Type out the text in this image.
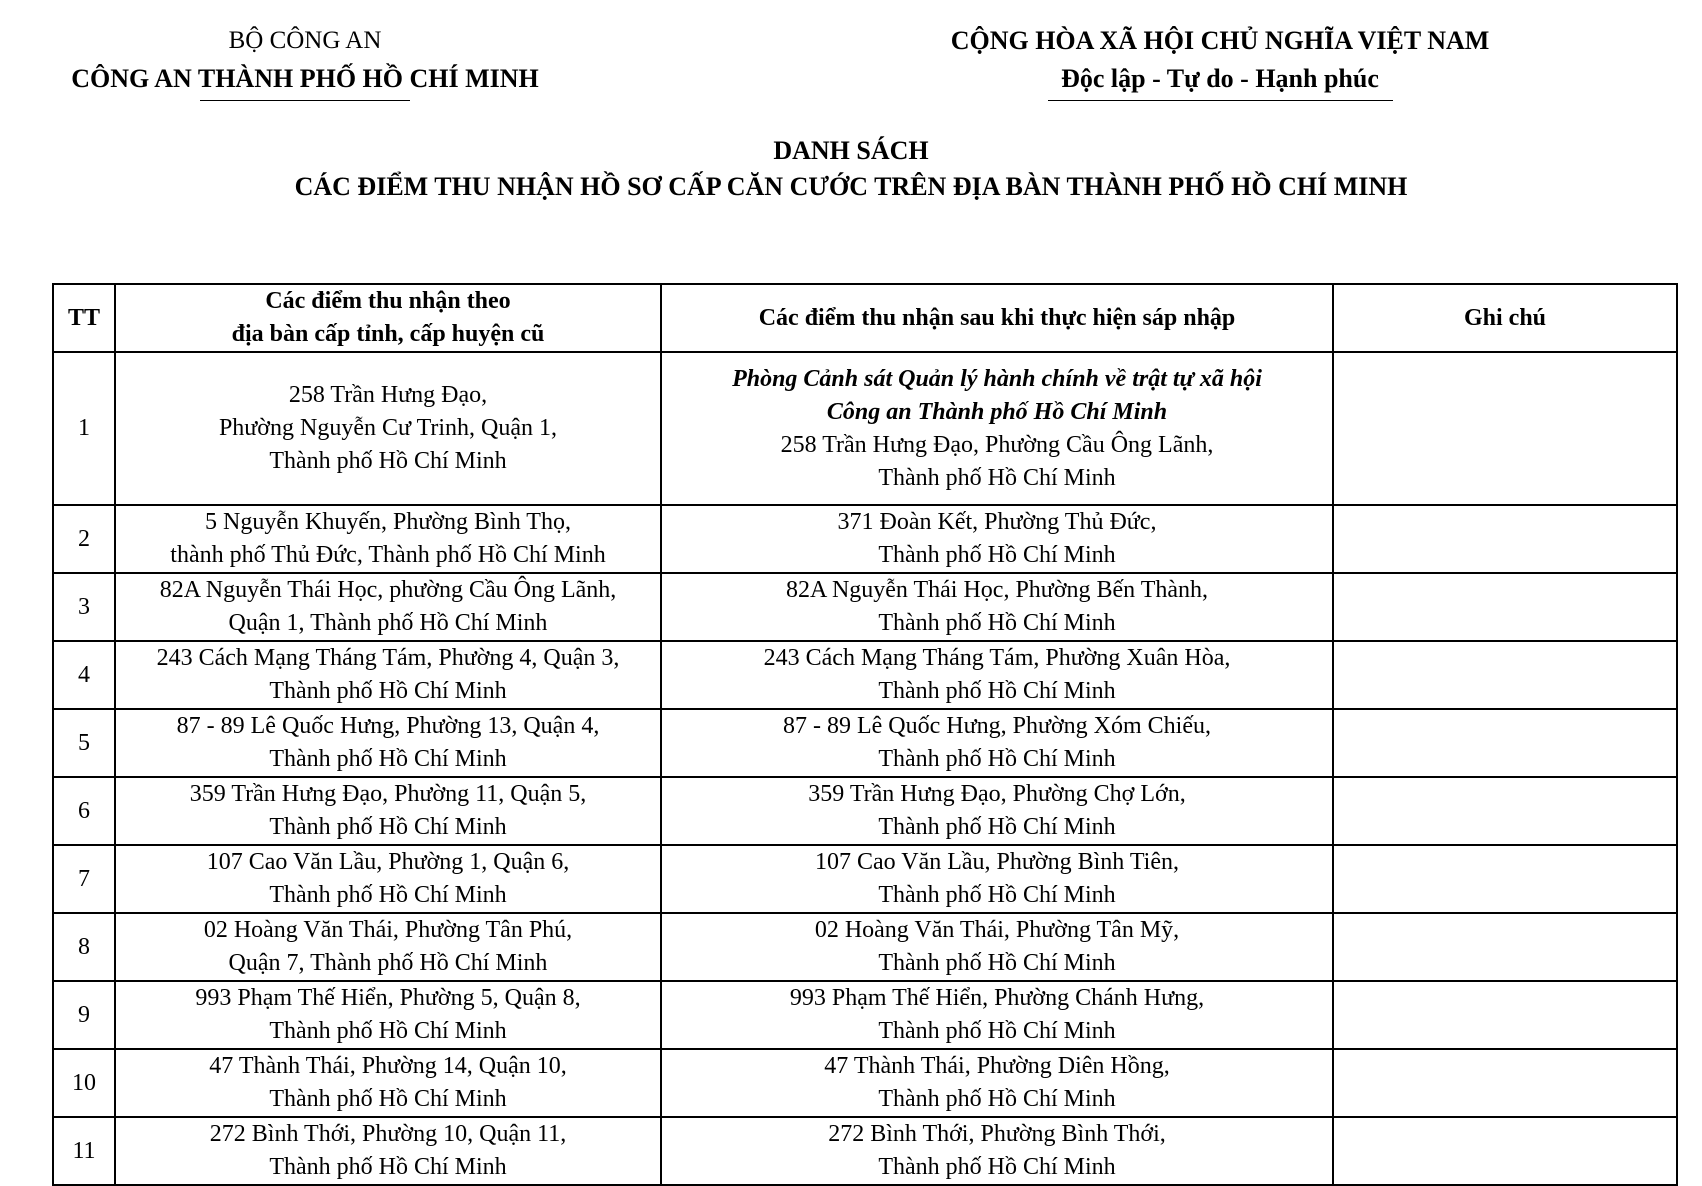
BỘ CÔNG AN
CÔNG AN THÀNH PHỐ HỒ CHÍ MINH
CỘNG HÒA XÃ HỘI CHỦ NGHĨA VIỆT NAM
Độc lập - Tự do - Hạnh phúc
DANH SÁCH
CÁC ĐIỂM THU NHẬN HỒ SƠ CẤP CĂN CƯỚC TRÊN ĐỊA BÀN THÀNH PHỐ HỒ CHÍ MINH
TT	Các điểm thu nhận theo
địa bàn cấp tỉnh, cấp huyện cũ	Các điểm thu nhận sau khi thực hiện sáp nhập	Ghi chú
1	258 Trần Hưng Đạo,
Phường Nguyễn Cư Trinh, Quận 1,
Thành phố Hồ Chí Minh	Phòng Cảnh sát Quản lý hành chính về trật tự xã hội
Công an Thành phố Hồ Chí Minh
258 Trần Hưng Đạo, Phường Cầu Ông Lãnh,
Thành phố Hồ Chí Minh	

2	5 Nguyễn Khuyến, Phường Bình Thọ,
thành phố Thủ Đức, Thành phố Hồ Chí Minh	371 Đoàn Kết, Phường Thủ Đức,
Thành phố Hồ Chí Minh	

3	82A Nguyễn Thái Học, phường Cầu Ông Lãnh,
Quận 1, Thành phố Hồ Chí Minh	82A Nguyễn Thái Học, Phường Bến Thành,
Thành phố Hồ Chí Minh	

4	243 Cách Mạng Tháng Tám, Phường 4, Quận 3,
Thành phố Hồ Chí Minh	243 Cách Mạng Tháng Tám, Phường Xuân Hòa,
Thành phố Hồ Chí Minh	

5	87 - 89 Lê Quốc Hưng, Phường 13, Quận 4,
Thành phố Hồ Chí Minh	87 - 89 Lê Quốc Hưng, Phường Xóm Chiếu,
Thành phố Hồ Chí Minh	

6	359 Trần Hưng Đạo, Phường 11, Quận 5,
Thành phố Hồ Chí Minh	359 Trần Hưng Đạo, Phường Chợ Lớn,
Thành phố Hồ Chí Minh	

7	107 Cao Văn Lầu, Phường 1, Quận 6,
Thành phố Hồ Chí Minh	107 Cao Văn Lầu, Phường Bình Tiên,
Thành phố Hồ Chí Minh	

8	02 Hoàng Văn Thái, Phường Tân Phú,
Quận 7, Thành phố Hồ Chí Minh	02 Hoàng Văn Thái, Phường Tân Mỹ,
Thành phố Hồ Chí Minh	

9	993 Phạm Thế Hiển, Phường 5, Quận 8,
Thành phố Hồ Chí Minh	993 Phạm Thế Hiển, Phường Chánh Hưng,
Thành phố Hồ Chí Minh	

10	47 Thành Thái, Phường 14, Quận 10,
Thành phố Hồ Chí Minh	47 Thành Thái, Phường Diên Hồng,
Thành phố Hồ Chí Minh	

11	272 Bình Thới, Phường 10, Quận 11,
Thành phố Hồ Chí Minh	272 Bình Thới, Phường Bình Thới,
Thành phố Hồ Chí Minh	
